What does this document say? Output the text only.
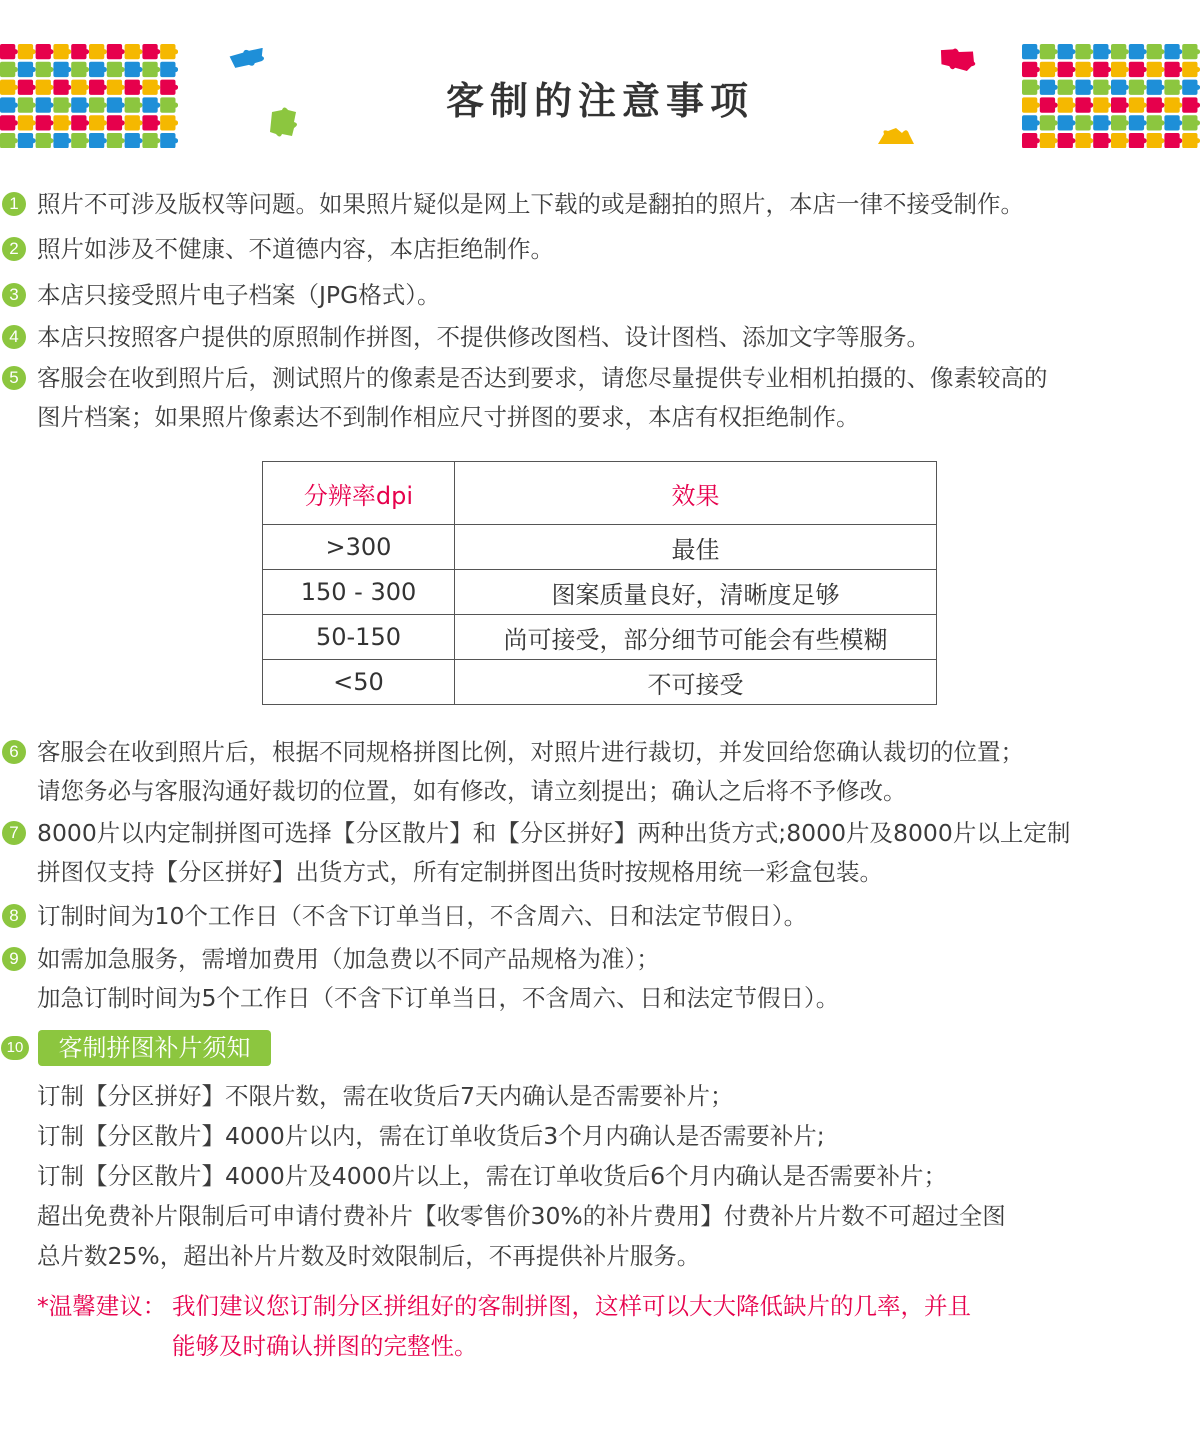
客制的注意事项
1 照片不可涉及版权等问题。如果照片疑似是网上下载的或是翻拍的照片，本店一律不接受制作。
2 照片如涉及不健康、不道德内容，本店拒绝制作。
3 本店只接受照片电子档案（JPG格式）。
4 本店只按照客户提供的原照制作拼图，不提供修改图档、设计图档、添加文字等服务。
5 客服会在收到照片后，测试照片的像素是否达到要求，请您尽量提供专业相机拍摄的、像素较高的
图片档案；如果照片像素达不到制作相应尺寸拼图的要求，本店有权拒绝制作。
分辨率dpi	效果
>300	最佳
150 - 300	图案质量良好，清晰度足够
50-150	尚可接受，部分细节可能会有些模糊
<50	不可接受
6 客服会在收到照片后，根据不同规格拼图比例，对照片进行裁切，并发回给您确认裁切的位置；
请您务必与客服沟通好裁切的位置，如有修改，请立刻提出；确认之后将不予修改。
7 8000片以内定制拼图可选择【分区散片】和【分区拼好】两种出货方式;8000片及8000片以上定制
拼图仅支持【分区拼好】出货方式，所有定制拼图出货时按规格用统一彩盒包装。
8 订制时间为10个工作日（不含下订单当日，不含周六、日和法定节假日）。
9 如需加急服务，需增加费用（加急费以不同产品规格为准）；
加急订制时间为5个工作日（不含下订单当日，不含周六、日和法定节假日）。
10	客制拼图补片须知
订制【分区拼好】不限片数，需在收货后7天内确认是否需要补片；
订制【分区散片】4000片以内，需在订单收货后3个月内确认是否需要补片;
订制【分区散片】4000片及4000片以上，需在订单收货后6个月内确认是否需要补片；
超出免费补片限制后可申请付费补片【收零售价30%的补片费用】付费补片片数不可超过全图
总片数25%，超出补片片数及时效限制后，不再提供补片服务。
*温馨建议： 我们建议您订制分区拼组好的客制拼图，这样可以大大降低缺片的几率，并且
能够及时确认拼图的完整性。
